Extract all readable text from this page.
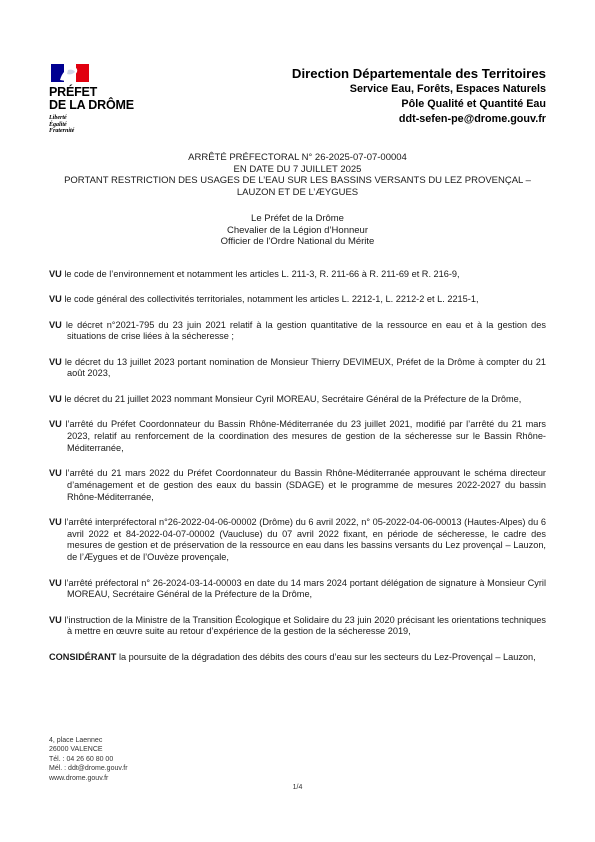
PRÉFET
DE LA DRÔME
Liberté
Égalité
Fraternité
Direction Départementale des Territoires
Service Eau, Forêts, Espaces Naturels
Pôle Qualité et Quantité Eau
ddt-sefen-pe@drome.gouv.fr
ARRÊTÉ PRÉFECTORAL N° 26-2025-07-07-00004
EN DATE DU 7 JUILLET 2025
PORTANT RESTRICTION DES USAGES DE L’EAU SUR LES BASSINS VERSANTS DU LEZ PROVENÇAL –
LAUZON ET DE L’ÆYGUES
Le Préfet de la Drôme
Chevalier de la Légion d’Honneur
Officier de l'Ordre National du Mérite

VU le code de l’environnement et notamment les articles L. 211-3, R. 211-66 à R. 211-69 et R. 216-9,

VU le code général des collectivités territoriales, notamment les articles L. 2212-1, L. 2212-2 et L. 2215-1,

VU le décret n°2021-795 du 23 juin 2021 relatif à la gestion quantitative de la ressource en eau et à la gestion des situations de crise liées à la sécheresse ;

VU le décret du 13 juillet 2023 portant nomination de Monsieur Thierry DEVIMEUX, Préfet de la Drôme à compter du 21 août 2023,

VU le décret du 21 juillet 2023 nommant Monsieur Cyril MOREAU, Secrétaire Général de la Préfecture de la Drôme,

VU l’arrêté du Préfet Coordonnateur du Bassin Rhône-Méditerranée du 23 juillet 2021, modifié par l’arrêté du 21 mars 2023, relatif au renforcement de la coordination des mesures de gestion de la sécheresse sur le Bassin Rhône-Méditerranée,

VU l’arrêté du 21 mars 2022 du Préfet Coordonnateur du Bassin Rhône-Méditerranée approuvant le schéma directeur d’aménagement et de gestion des eaux du bassin (SDAGE) et le programme de mesures 2022-2027 du bassin Rhône-Méditerranée,

VU l’arrêté interpréfectoral n°26-2022-04-06-00002 (Drôme) du 6 avril 2022, n° 05-2022-04-06-00013 (Hautes-Alpes) du 6 avril 2022 et 84-2022-04-07-00002 (Vaucluse) du 07 avril 2022 fixant, en période de sécheresse, le cadre des mesures de gestion et de préservation de la ressource en eau dans les bassins versants du Lez provençal – Lauzon, de l’Æygues et de l’Ouvèze provençale,

VU l’arrêté préfectoral n° 26-2024-03-14-00003 en date du 14 mars 2024 portant délégation de signature à Monsieur Cyril MOREAU, Secrétaire Général de la Préfecture de la Drôme,

VU l’instruction de la Ministre de la Transition Écologique et Solidaire du 23 juin 2020 précisant les orientations techniques à mettre en œuvre suite au retour d’expérience de la gestion de la sécheresse 2019,

CONSIDÉRANT la poursuite de la dégradation des débits des cours d’eau sur les secteurs du Lez-Provençal – Lauzon,

4, place Laennec
26000 VALENCE
Tél. : 04 26 60 80 00
Mél. : ddt@drome.gouv.fr
www.drome.gouv.fr
1/4
